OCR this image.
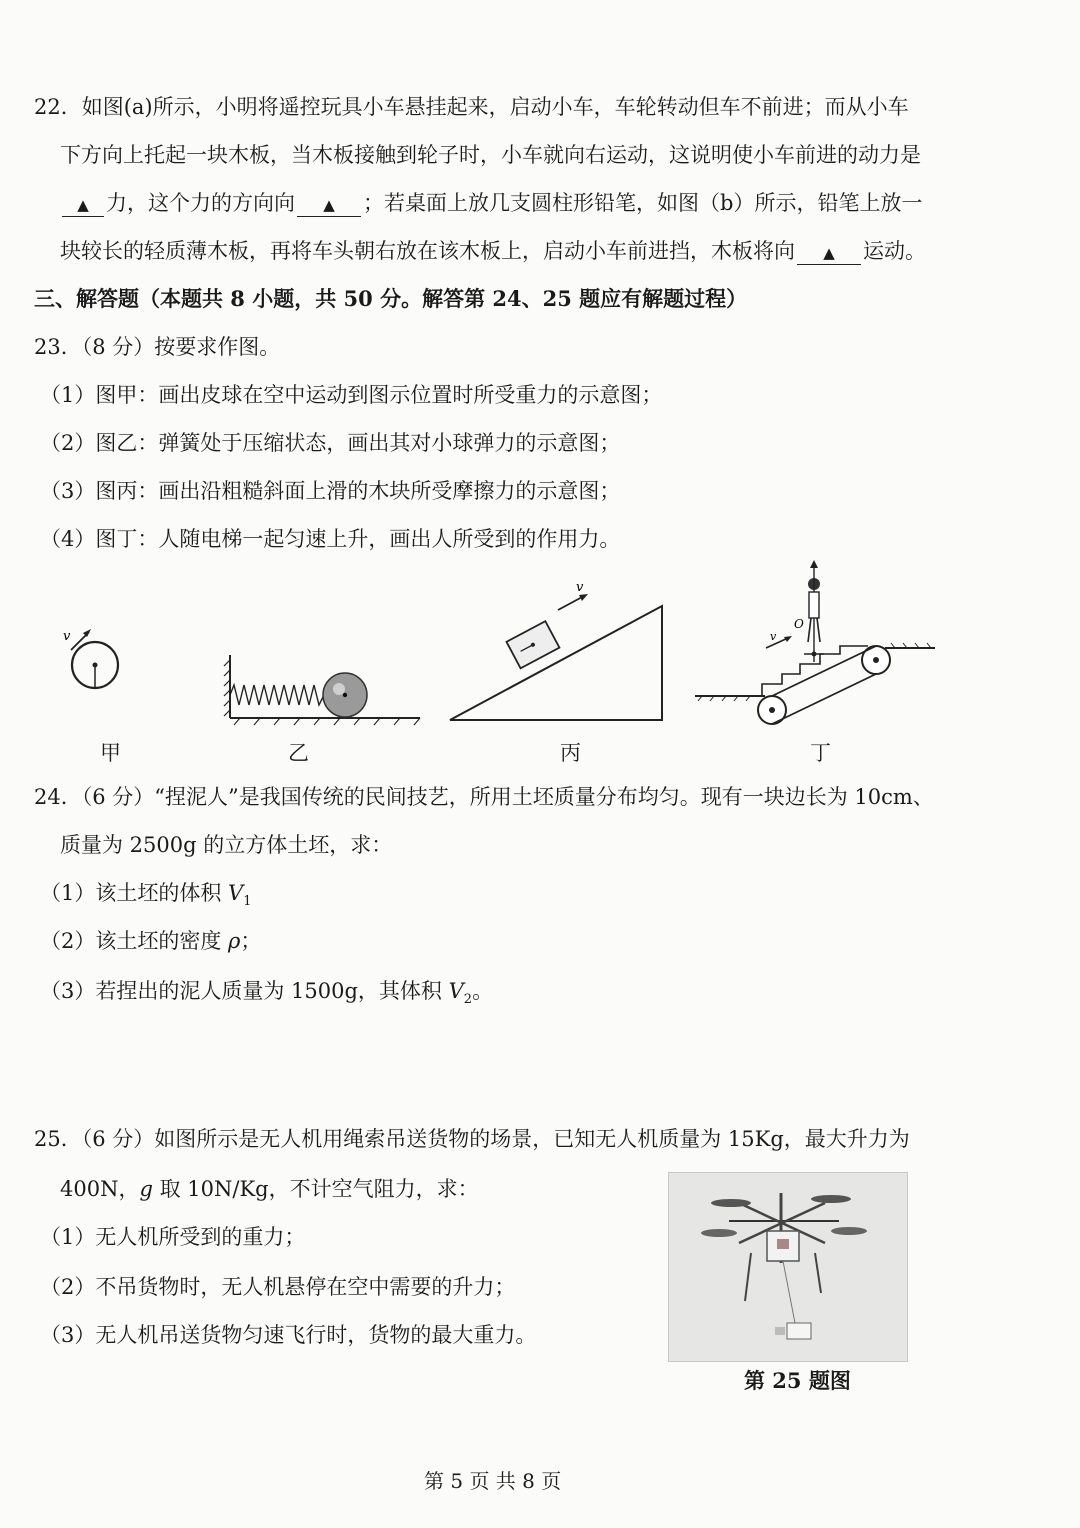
22．如图(a)所示，小明将遥控玩具小车悬挂起来，启动小车，车轮转动但车不前进；而从小车
下方向上托起一块木板，当木板接触到轮子时，小车就向右运动，这说明使小车前进的动力是
▲ 力，这个力的方向向 ▲ ；若桌面上放几支圆柱形铅笔，如图（b）所示，铅笔上放一
块较长的轻质薄木板，再将车头朝右放在该木板上，启动小车前进挡，木板将向 ▲ 运动。
三、解答题（本题共 8 小题，共 50 分。解答第 24、25 题应有解题过程）
23．（8 分）按要求作图。
（1）图甲：画出皮球在空中运动到图示位置时所受重力的示意图；
（2）图乙：弹簧处于压缩状态，画出其对小球弹力的示意图；
（3）图丙：画出沿粗糙斜面上滑的木块所受摩擦力的示意图；
（4）图丁：人随电梯一起匀速上升，画出人所受到的作用力。
v
v
O
v
甲	乙	丙	丁
24．（6 分）“捏泥人”是我国传统的民间技艺，所用土坯质量分布均匀。现有一块边长为 10cm、
质量为 2500g 的立方体土坯，求：
（1）该土坯的体积 $V_1$
（2）该土坯的密度 ρ；
（3）若捏出的泥人质量为 1500g，其体积 $V_2$。
25．（6 分）如图所示是无人机用绳索吊送货物的场景，已知无人机质量为 15Kg，最大升力为
400N，g 取 10N/Kg，不计空气阻力，求：
（1）无人机所受到的重力；
（2）不吊货物时，无人机悬停在空中需要的升力；
（3）无人机吊送货物匀速飞行时，货物的最大重力。
第 25 题图
第 5 页 共 8 页
